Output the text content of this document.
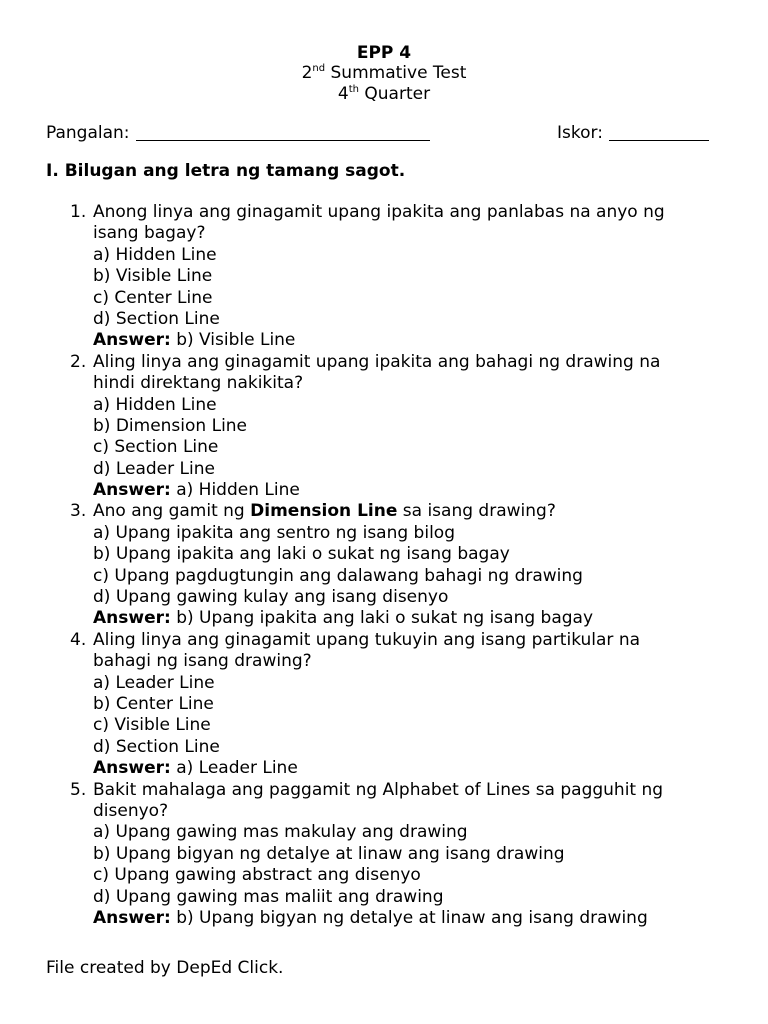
EPP 4
2nd Summative Test
4th Quarter
Pangalan:	Iskor:
I. Bilugan ang letra ng tamang sagot.
1. Anong linya ang ginagamit upang ipakita ang panlabas na anyo ng
isang bagay?
a) Hidden Line
b) Visible Line
c) Center Line
d) Section Line
Answer: b) Visible Line
2. Aling linya ang ginagamit upang ipakita ang bahagi ng drawing na
hindi direktang nakikita?
a) Hidden Line
b) Dimension Line
c) Section Line
d) Leader Line
Answer: a) Hidden Line
3. Ano ang gamit ng Dimension Line sa isang drawing?
a) Upang ipakita ang sentro ng isang bilog
b) Upang ipakita ang laki o sukat ng isang bagay
c) Upang pagdugtungin ang dalawang bahagi ng drawing
d) Upang gawing kulay ang isang disenyo
Answer: b) Upang ipakita ang laki o sukat ng isang bagay
4. Aling linya ang ginagamit upang tukuyin ang isang partikular na
bahagi ng isang drawing?
a) Leader Line
b) Center Line
c) Visible Line
d) Section Line
Answer: a) Leader Line
5. Bakit mahalaga ang paggamit ng Alphabet of Lines sa pagguhit ng
disenyo?
a) Upang gawing mas makulay ang drawing
b) Upang bigyan ng detalye at linaw ang isang drawing
c) Upang gawing abstract ang disenyo
d) Upang gawing mas maliit ang drawing
Answer: b) Upang bigyan ng detalye at linaw ang isang drawing
File created by DepEd Click.
